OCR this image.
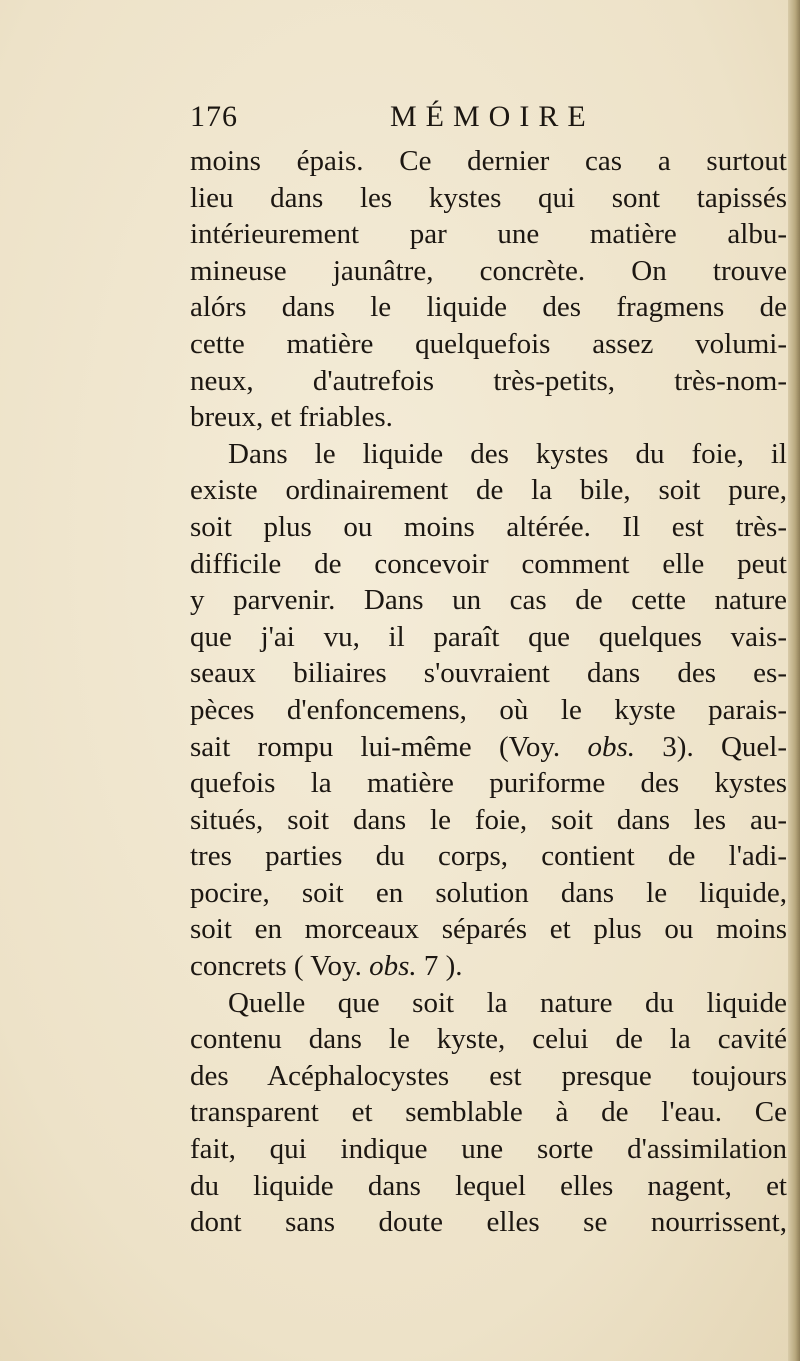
176	MÉMOIRE
moins épais. Ce dernier cas a surtout
lieu dans les kystes qui sont tapissés
intérieurement par une matière albu-
mineuse jaunâtre, concrète. On trouve
alórs dans le liquide des fragmens de
cette matière quelquefois assez volumi-
neux, d'autrefois très-petits, très-nom-
breux, et friables.
Dans le liquide des kystes du foie, il
existe ordinairement de la bile, soit pure,
soit plus ou moins altérée. Il est très-
difficile de concevoir comment elle peut
y parvenir. Dans un cas de cette nature
que j'ai vu, il paraît que quelques vais-
seaux biliaires s'ouvraient dans des es-
pèces d'enfoncemens, où le kyste parais-
sait rompu lui-même (Voy. obs. 3). Quel-
quefois la matière puriforme des kystes
situés, soit dans le foie, soit dans les au-
tres parties du corps, contient de l'adi-
pocire, soit en solution dans le liquide,
soit en morceaux séparés et plus ou moins
concrets ( Voy. obs. 7 ).
Quelle que soit la nature du liquide
contenu dans le kyste, celui de la cavité
des Acéphalocystes est presque toujours
transparent et semblable à de l'eau. Ce
fait, qui indique une sorte d'assimilation
du liquide dans lequel elles nagent, et
dont sans doute elles se nourrissent,
